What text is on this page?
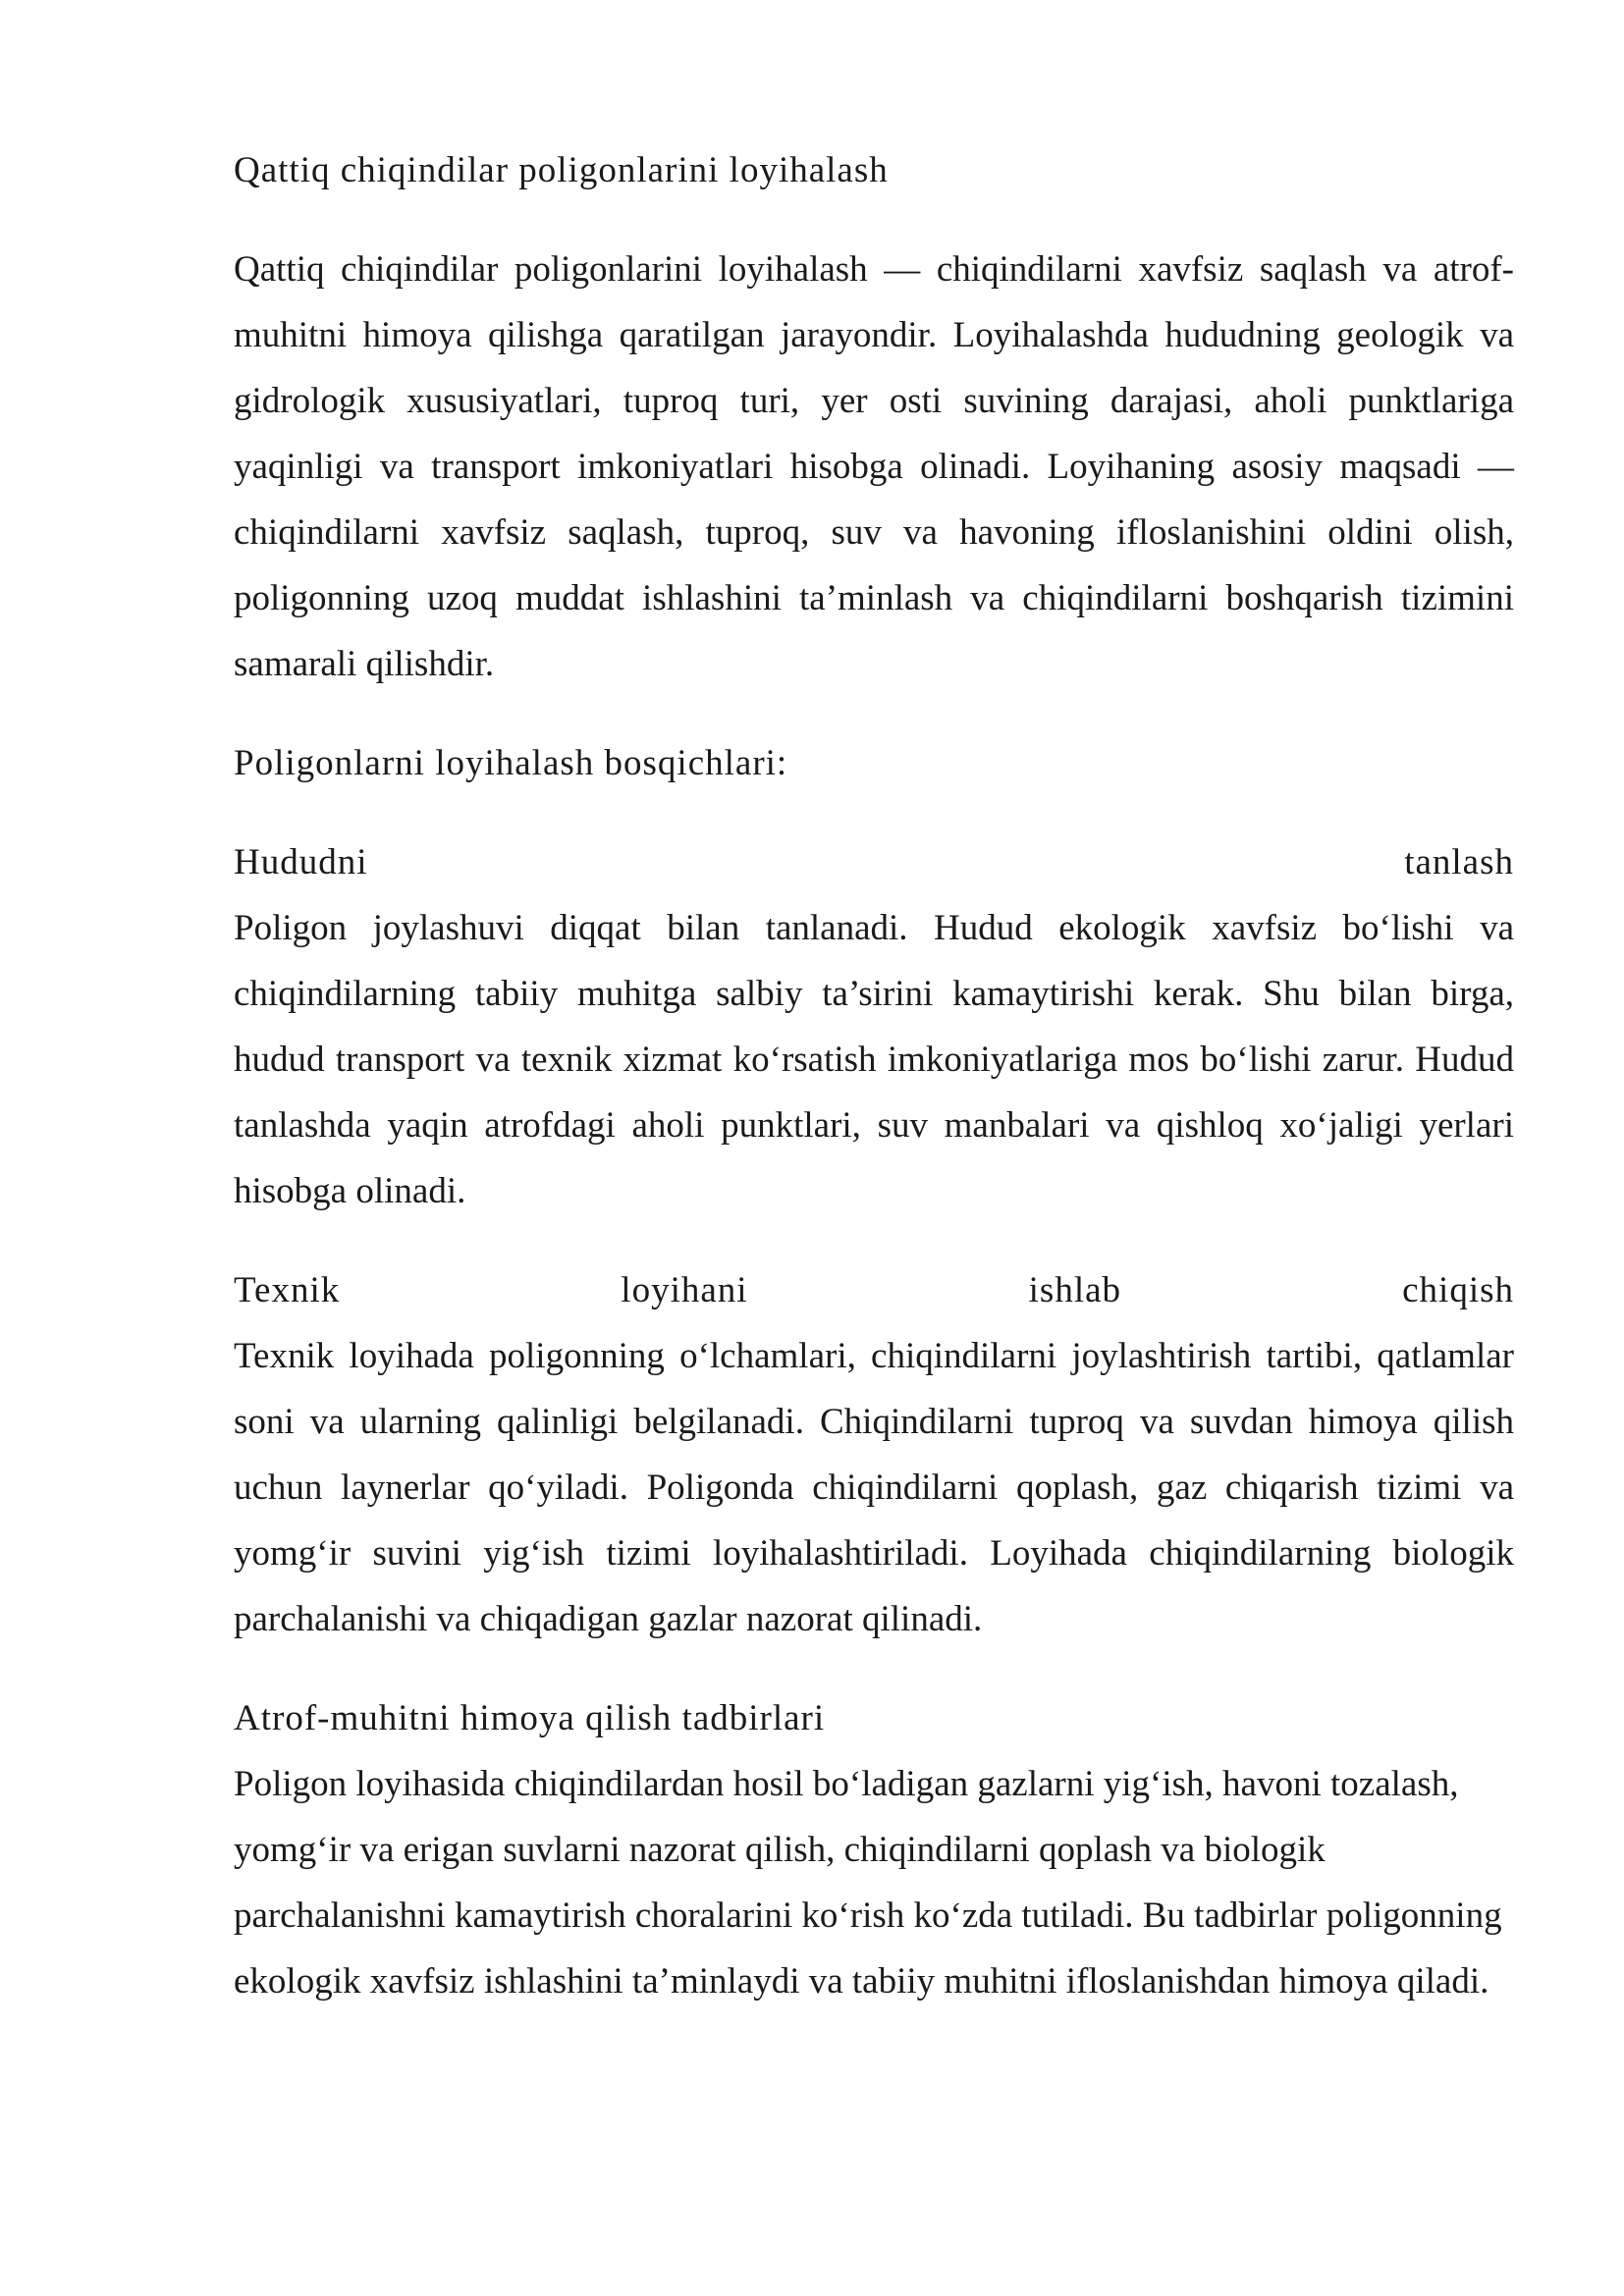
Qattiq chiqindilar poligonlarini loyihalash

Qattiq chiqindilar poligonlarini loyihalash — chiqindilarni xavfsiz saqlash va atrof-muhitni himoya qilishga qaratilgan jarayondir. Loyihalashda hududning geologik va gidrologik xususiyatlari, tuproq turi, yer osti suvining darajasi, aholi punktlariga yaqinligi va transport imkoniyatlari hisobga olinadi. Loyihaning asosiy maqsadi — chiqindilarni xavfsiz saqlash, tuproq, suv va havoning ifloslanishini oldini olish, poligonning uzoq muddat ishlashini ta’minlash va chiqindilarni boshqarish tizimini samarali qilishdir.

Poligonlarni loyihalash bosqichlari:
Hududni tanlash

Poligon joylashuvi diqqat bilan tanlanadi. Hudud ekologik xavfsiz bo‘lishi va chiqindilarning tabiiy muhitga salbiy ta’sirini kamaytirishi kerak. Shu bilan birga, hudud transport va texnik xizmat ko‘rsatish imkoniyatlariga mos bo‘lishi zarur. Hudud tanlashda yaqin atrofdagi aholi punktlari, suv manbalari va qishloq xo‘jaligi yerlari hisobga olinadi.

Texnik loyihani ishlab chiqish

Texnik loyihada poligonning o‘lchamlari, chiqindilarni joylashtirish tartibi, qatlamlar soni va ularning qalinligi belgilanadi. Chiqindilarni tuproq va suvdan himoya qilish uchun laynerlar qo‘yiladi. Poligonda chiqindilarni qoplash, gaz chiqarish tizimi va yomg‘ir suvini yig‘ish tizimi loyihalashtiriladi. Loyihada chiqindilarning biologik parchalanishi va chiqadigan gazlar nazorat qilinadi.

Atrof-muhitni himoya qilish tadbirlari

Poligon loyihasida chiqindilardan hosil bo‘ladigan gazlarni yig‘ish, havoni tozalash, yomg‘ir va erigan suvlarni nazorat qilish, chiqindilarni qoplash va biologik parchalanishni kamaytirish choralarini ko‘rish ko‘zda tutiladi. Bu tadbirlar poligonning ekologik xavfsiz ishlashini ta’minlaydi va tabiiy muhitni ifloslanishdan himoya qiladi.
